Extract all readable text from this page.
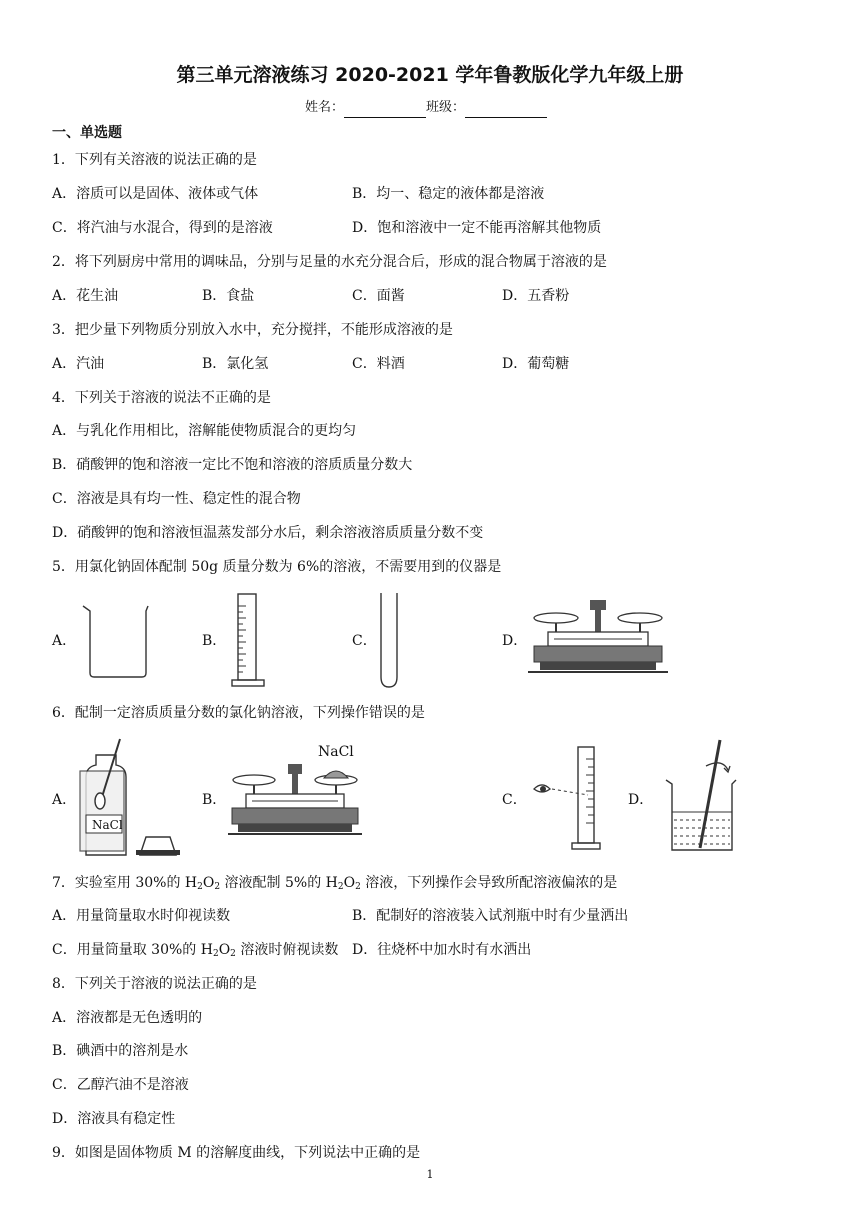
第三单元溶液练习 2020-2021 学年鲁教版化学九年级上册
姓名：	班级：
一、单选题
1．下列有关溶液的说法正确的是
A．溶质可以是固体、液体或气体	B．均一、稳定的液体都是溶液
C．将汽油与水混合，得到的是溶液	D．饱和溶液中一定不能再溶解其他物质
2．将下列厨房中常用的调味品，分别与足量的水充分混合后，形成的混合物属于溶液的是
A．花生油	B．食盐	C．面酱	D．五香粉
3．把少量下列物质分别放入水中，充分搅拌，不能形成溶液的是
A．汽油	B．氯化氢	C．料酒	D．葡萄糖
4．下列关于溶液的说法不正确的是
A．与乳化作用相比，溶解能使物质混合的更均匀
B．硝酸钾的饱和溶液一定比不饱和溶液的溶质质量分数大
C．溶液是具有均一性、稳定性的混合物
D．硝酸钾的饱和溶液恒温蒸发部分水后，剩余溶液溶质质量分数不变
5．用氯化钠固体配制 50g 质量分数为 6%的溶液，不需要用到的仪器是
A．	B．	C．	D．
6．配制一定溶质质量分数的氯化钠溶液，下列操作错误的是
A．	B．	C．	D．
NaCl
NaCl
7．实验室用 30%的 $H_2O_2$ 溶液配制 5%的 $H_2O_2$ 溶液，下列操作会导致所配溶液偏浓的是
A．用量筒量取水时仰视读数	B．配制好的溶液装入试剂瓶中时有少量洒出
C．用量筒量取 30%的 $H_2O_2$ 溶液时俯视读数 D．往烧杯中加水时有水洒出
8．下列关于溶液的说法正确的是
A．溶液都是无色透明的
B．碘酒中的溶剂是水
C．乙醇汽油不是溶液
D．溶液具有稳定性
9．如图是固体物质 M 的溶解度曲线，下列说法中正确的是
1
